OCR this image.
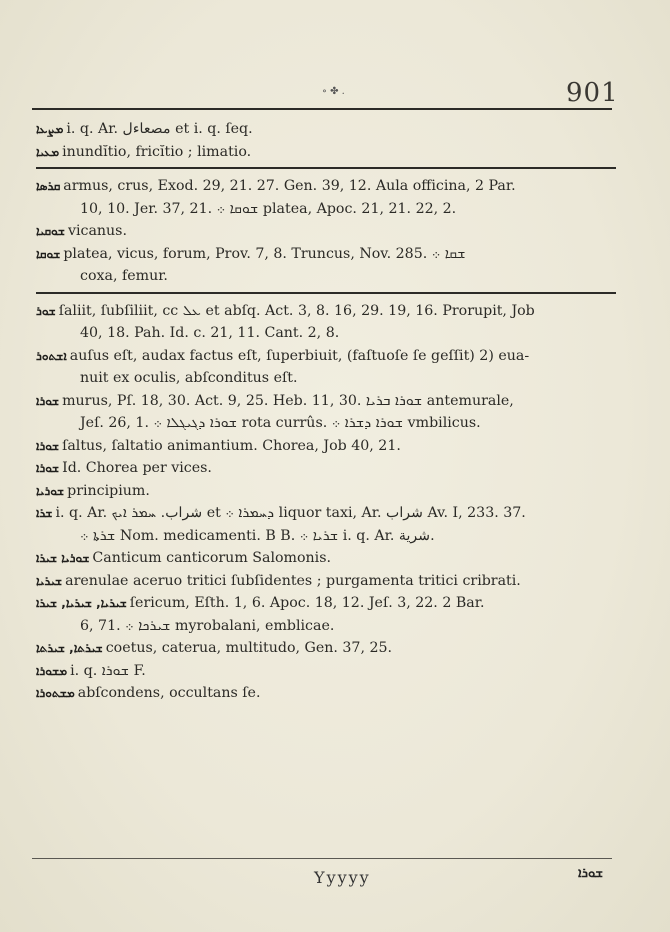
∘ ✤ .	901
ܡܨܥܐ i. q. Ar. مصعاءل et i. q. ſeq.
ܡܥܝܐ inundĭtio, fricĭtio ; limatio.
ܩܪܣܐ armus, crus, Exod. 29, 21. 27. Gen. 39, 12. Aula officina, 2 Par.
10, 10. Jer. 37, 21. ܫܘܩܐ ܀ platea, Apoc. 21, 21. 22, 2.
ܫܘܩܝܐ vicanus.
ܫܘܩܐ platea, vicus, forum, Prov. 7, 8. Truncus, Nov. 285. ܫܩܐ ܀
coxa, femur.
ܫܘܪ ſaliit, ſubſiliit, cc ܥܠ et abſq. Act. 3, 8. 16, 29. 19, 16. Prorupit, Job
40, 18. Pah. Id. c. 21, 11. Cant. 2, 8.
ܐܫܬܘܪ auſus eſt, audax factus eſt, ſuperbiuit, (faſtuoſe ſe geſſit) 2) eua-
nuit ex oculis, abſconditus eſt.
ܫܘܪܐ murus, Pſ. 18, 30. Act. 9, 25. Heb. 11, 30. ܫܘܪܐ ܒܪܝܐ antemurale,
Jeſ. 26, 1. ܫܘܪܐ ܕܓܝܓܠܐ ܀ rota currûs. ܫܘܪܐ ܕܫܪܐ ܀ vmbilicus.
ܫܘܪܐ ſaltus, ſaltatio animantium. Chorea, Job 40, 21.
ܫܘܪܐ Id. Chorea per vices.
ܫܘܪܝܐ principium.
ܫܪܐ i. q. Ar. شراب. ܚܡܪ ܐܝܟ et ܕܚܡܪܐ ܀ liquor taxi, Ar. شراب Av. I, 233. 37.
ܫܪܬܐ ܀ Nom. medicamenti. B B. ܫܪܝܐ ܀ i. q. Ar. شرية.
ܫܘܪܝܐ ܫܝܪܐ Canticum canticorum Salomonis.
ܫܝܪܝܐ arenulae aceruo tritici ſubſidentes ; purgamenta tritici cribrati.
ܫܝܪܝܐ, ܫܝܪܝܐ, ܫܝܪܐ ſericum, Eſth. 1, 6. Apoc. 18, 12. Jeſ. 3, 22. 2 Bar.
6, 71. ܫܝܪܟܐ ܀ myrobalani, emblicae.
ܫܝܪܬܐ, ܫܝܪܬܐ coetus, caterua, multitudo, Gen. 37, 25.
ܡܫܘܪܐ i. q. ܫܘܪܐ F.
ܡܫܬܘܪܐ abſcondens, occultans ſe.
Yyyyy	ܫܘܪܐ
